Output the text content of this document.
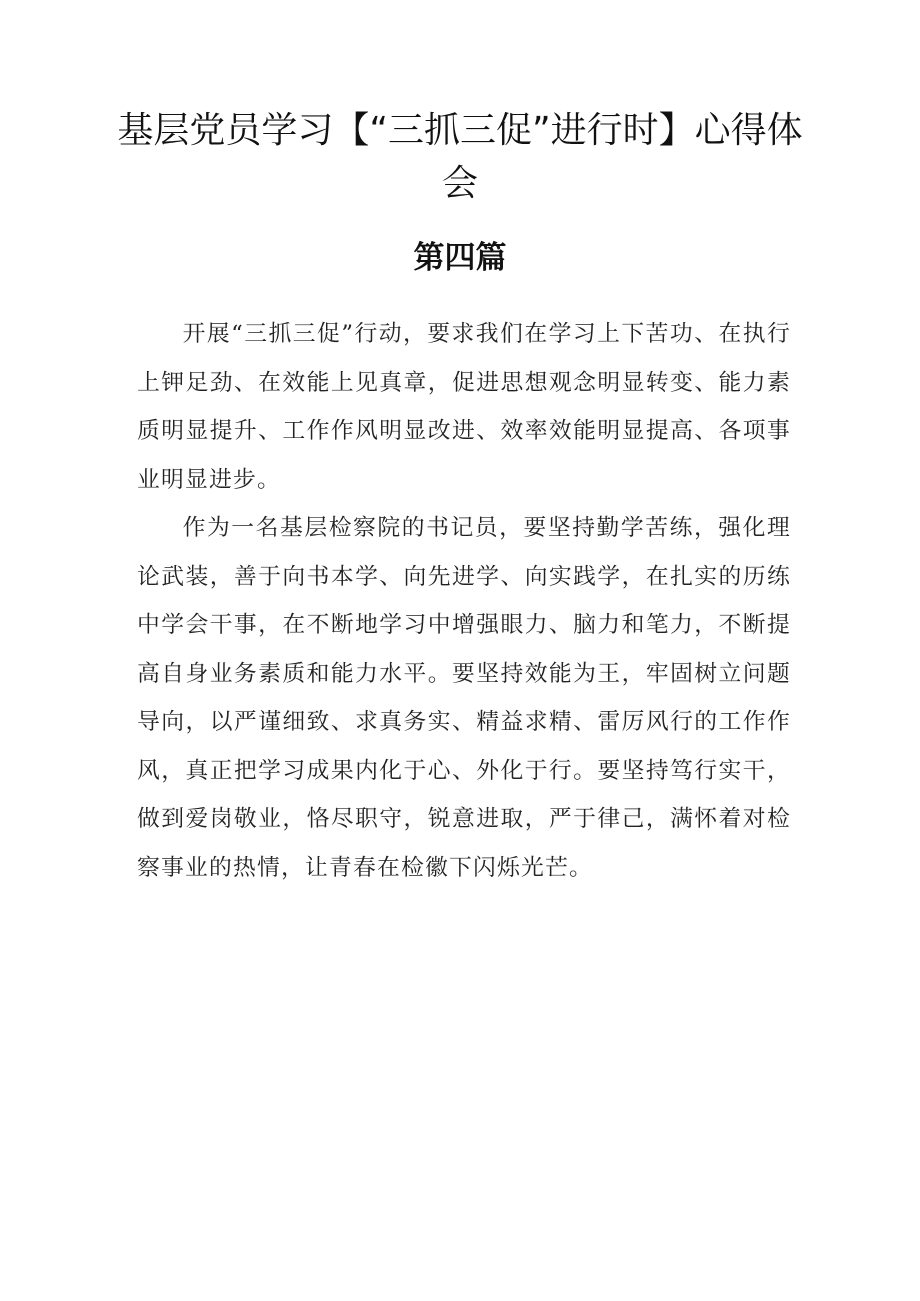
基层党员学习【“三抓三促”进行时】心得体会
第四篇

开展“三抓三促”行动，要求我们在学习上下苦功、在执行上钾足劲、在效能上见真章，促进思想观念明显转变、能力素质明显提升、工作作风明显改进、效率效能明显提高、各项事业明显进步。

作为一名基层检察院的书记员，要坚持勤学苦练，强化理论武装，善于向书本学、向先进学、向实践学，在扎实的历练中学会干事，在不断地学习中增强眼力、脑力和笔力，不断提高自身业务素质和能力水平。要坚持效能为王，牢固树立问题导向，以严谨细致、求真务实、精益求精、雷厉风行的工作作风，真正把学习成果内化于心、外化于行。要坚持笃行实干，做到爱岗敬业，恪尽职守，锐意进取，严于律己，满怀着对检察事业的热情，让青春在检徽下闪烁光芒。
